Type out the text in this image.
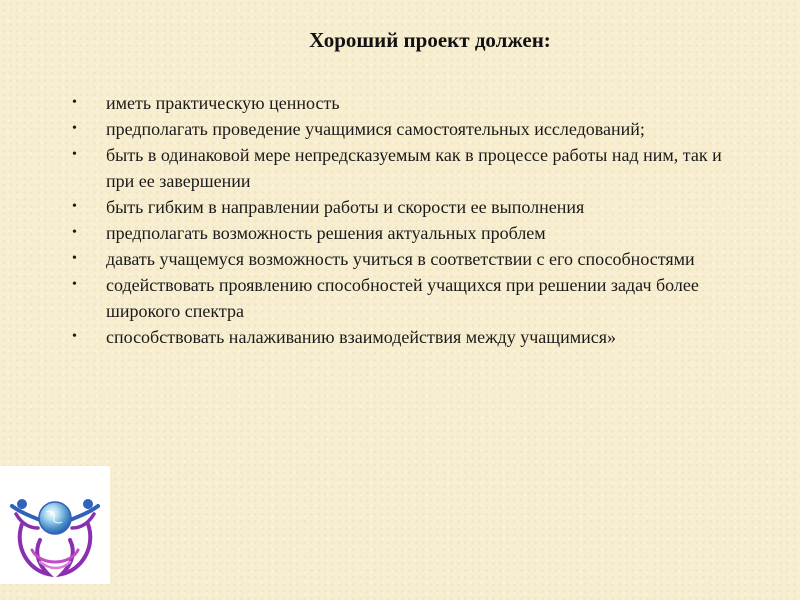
Хороший проект должен:
• иметь практическую ценность
• предполагать проведение учащимися самостоятельных исследований;
• быть в одинаковой мере непредсказуемым как в процессе работы над ним, так и при ее завершении
• быть гибким в направлении работы и скорости ее выполнения
• предполагать возможность решения актуальных проблем
• давать учащемуся возможность учиться в соответствии с его способностями
• содействовать проявлению способностей учащихся при решении задач более широкого спектра
• способствовать налаживанию взаимодействия между учащимися»
